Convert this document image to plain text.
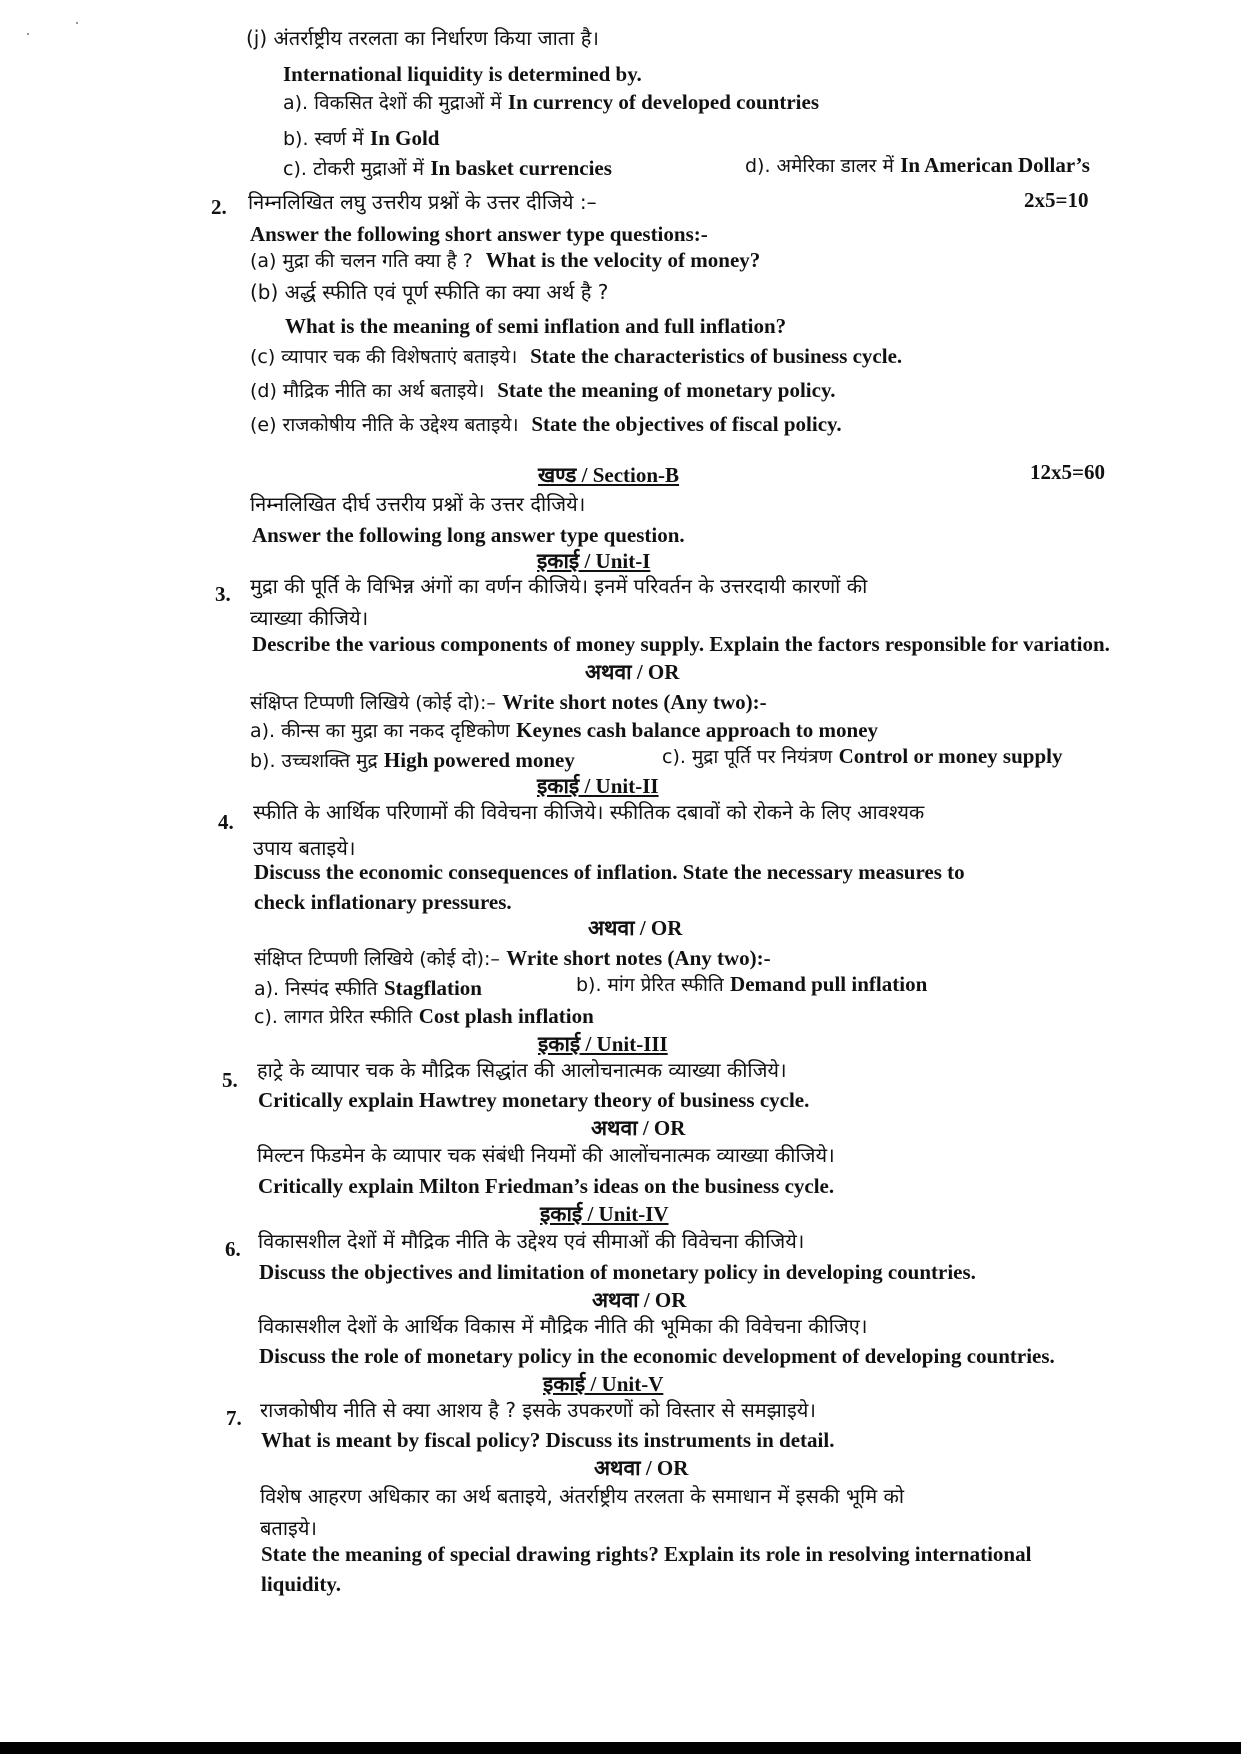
(j) अंतर्राष्ट्रीय तरलता का निर्धारण किया जाता है।
International liquidity is determined by.
a). विकसित देशों की मुद्राओं में In currency of developed countries
b). स्वर्ण में In Gold
c). टोकरी मुद्राओं में In basket currencies	d). अमेरिका डालर में In American Dollar’s
2. निम्नलिखित लघु उत्तरीय प्रश्नों के उत्तर दीजिये :–	2x5=10
Answer the following short answer type questions:-
(a) मुद्रा की चलन गति क्या है ? What is the velocity of money?
(b) अर्द्ध स्फीति एवं पूर्ण स्फीति का क्या अर्थ है ?
What is the meaning of semi inflation and full inflation?
(c) व्यापार चक की विशेषताएं बताइये। State the characteristics of business cycle.
(d) मौद्रिक नीति का अर्थ बताइये। State the meaning of monetary policy.
(e) राजकोषीय नीति के उद्देश्य बताइये। State the objectives of fiscal policy.
खण्ड / Section-B	12x5=60
निम्नलिखित दीर्घ उत्तरीय प्रश्नों के उत्तर दीजिये।
Answer the following long answer type question.
इकाई / Unit-I
3. मुद्रा की पूर्ति के विभिन्न अंगों का वर्णन कीजिये। इनमें परिवर्तन के उत्तरदायी कारणों की
व्याख्या कीजिये।
Describe the various components of money supply. Explain the factors responsible for variation.
अथवा / OR
संक्षिप्त टिप्पणी लिखिये (कोई दो):– Write short notes (Any two):-
a). कीन्स का मुद्रा का नकद दृष्टिकोण Keynes cash balance approach to money
b). उच्चशक्ति मुद्र High powered money	c). मुद्रा पूर्ति पर नियंत्रण Control or money supply
इकाई / Unit-II
4. स्फीति के आर्थिक परिणामों की विवेचना कीजिये। स्फीतिक दबावों को रोकने के लिए आवश्यक
उपाय बताइये।
Discuss the economic consequences of inflation. State the necessary measures to
check inflationary pressures.
अथवा / OR
संक्षिप्त टिप्पणी लिखिये (कोई दो):– Write short notes (Any two):-
a). निस्पंद स्फीति Stagflation	b). मांग प्रेरित स्फीति Demand pull inflation
c). लागत प्रेरित स्फीति Cost plash inflation
इकाई / Unit-III
5. हाट्रे के व्यापार चक के मौद्रिक सिद्धांत की आलोचनात्मक व्याख्या कीजिये।
Critically explain Hawtrey monetary theory of business cycle.
अथवा / OR
मिल्टन फिडमेन के व्यापार चक संबंधी नियमों की आलोंचनात्मक व्याख्या कीजिये।
Critically explain Milton Friedman’s ideas on the business cycle.
इकाई / Unit-IV
6. विकासशील देशों में मौद्रिक नीति के उद्देश्य एवं सीमाओं की विवेचना कीजिये।
Discuss the objectives and limitation of monetary policy in developing countries.
अथवा / OR
विकासशील देशों के आर्थिक विकास में मौद्रिक नीति की भूमिका की विवेचना कीजिए।
Discuss the role of monetary policy in the economic development of developing countries.
इकाई / Unit-V
7. राजकोषीय नीति से क्या आशय है ? इसके उपकरणों को विस्तार से समझाइये।
What is meant by fiscal policy? Discuss its instruments in detail.
अथवा / OR
विशेष आहरण अधिकार का अर्थ बताइये, अंतर्राष्ट्रीय तरलता के समाधान में इसकी भूमि को
बताइये।
State the meaning of special drawing rights? Explain its role in resolving international
liquidity.
